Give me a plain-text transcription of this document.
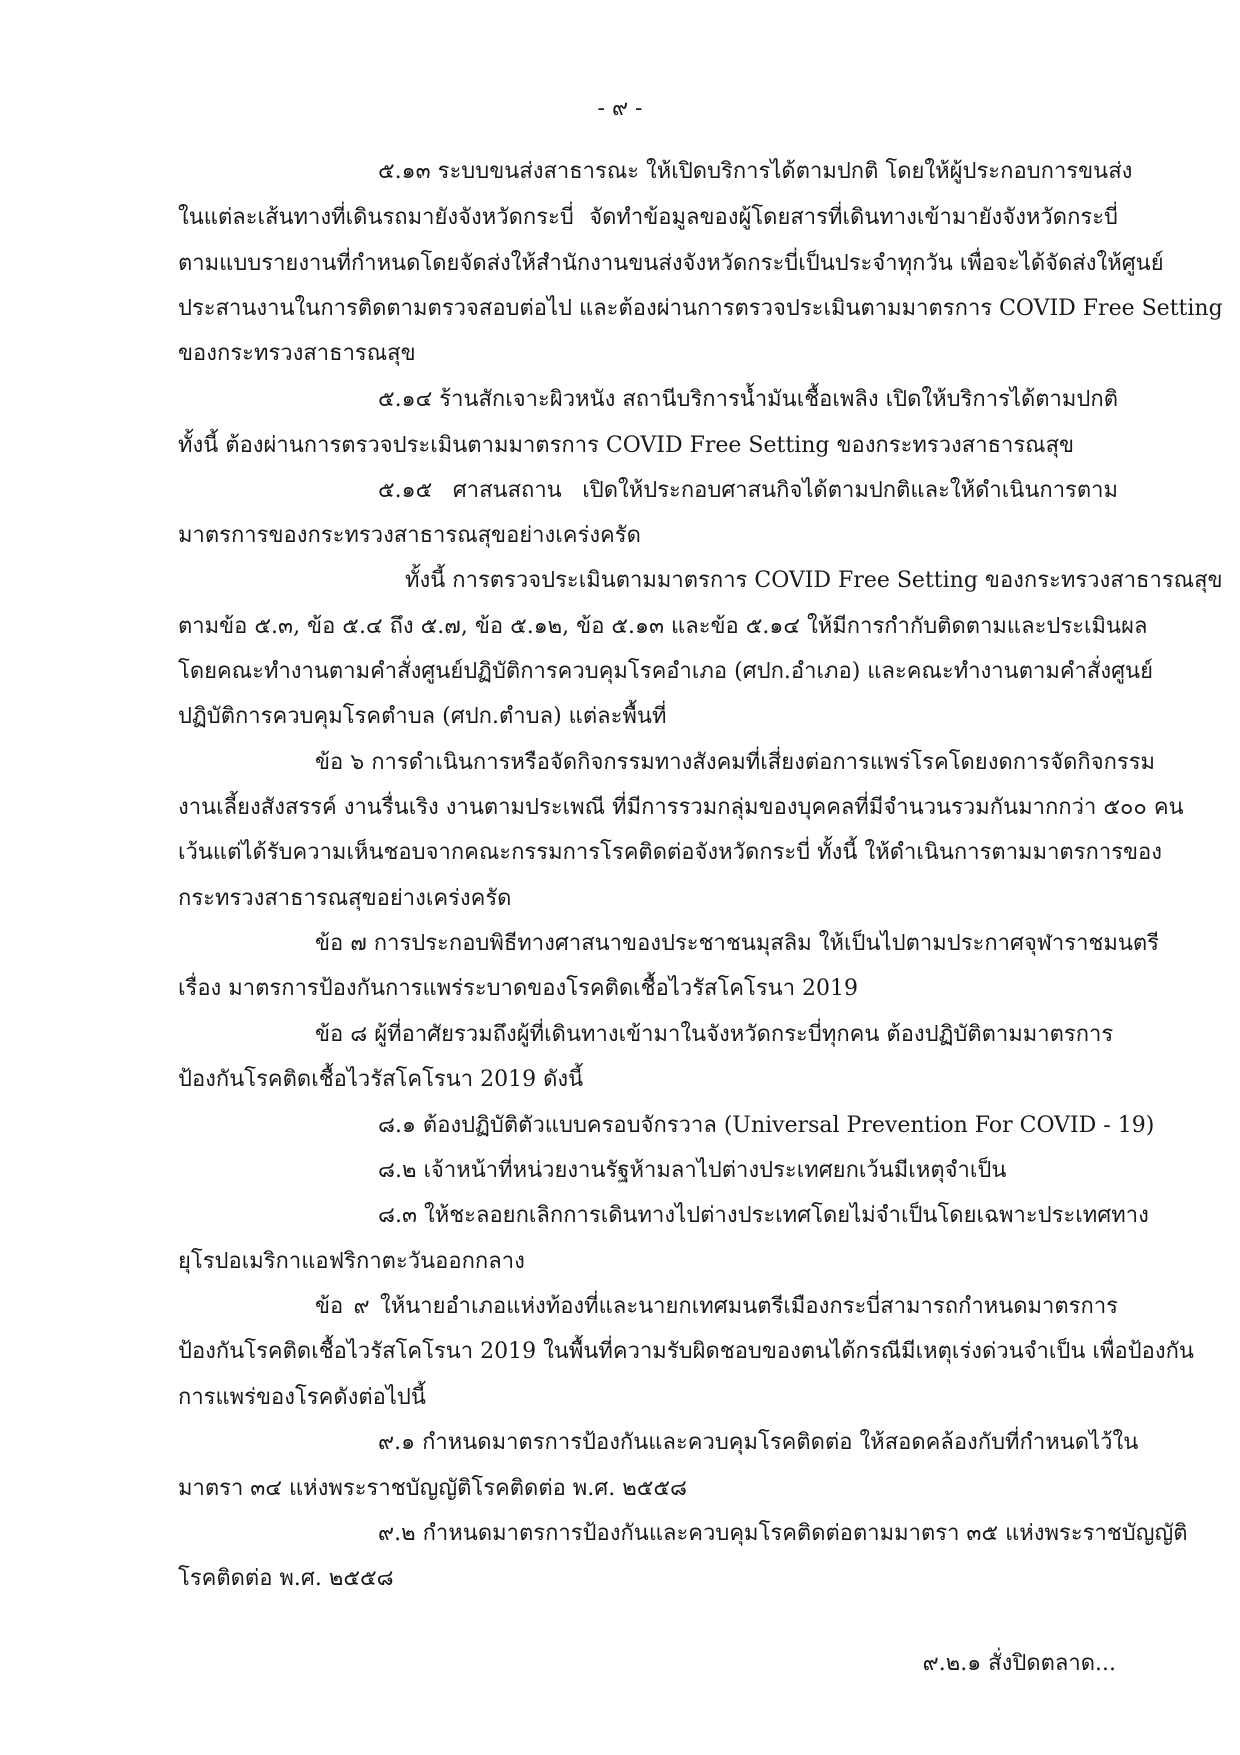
- ๙ -
๕.๑๓ ระบบขนส่งสาธารณะ ให้เปิดบริการได้ตามปกติ โดยให้ผู้ประกอบการขนส่ง
ในแต่ละเส้นทางที่เดินรถมายังจังหวัดกระบี่ จัดทำข้อมูลของผู้โดยสารที่เดินทางเข้ามายังจังหวัดกระบี่
ตามแบบรายงานที่กำหนดโดยจัดส่งให้สำนักงานขนส่งจังหวัดกระบี่เป็นประจำทุกวัน เพื่อจะได้จัดส่งให้ศูนย์
ประสานงานในการติดตามตรวจสอบต่อไป และต้องผ่านการตรวจประเมินตามมาตรการ COVID Free Setting
ของกระทรวงสาธารณสุข
๕.๑๔ ร้านสักเจาะผิวหนัง สถานีบริการน้ำมันเชื้อเพลิง เปิดให้บริการได้ตามปกติ
ทั้งนี้ ต้องผ่านการตรวจประเมินตามมาตรการ COVID Free Setting ของกระทรวงสาธารณสุข
๕.๑๕ ศาสนสถาน เปิดให้ประกอบศาสนกิจได้ตามปกติและให้ดำเนินการตาม
มาตรการของกระทรวงสาธารณสุขอย่างเคร่งครัด
ทั้งนี้ การตรวจประเมินตามมาตรการ COVID Free Setting ของกระทรวงสาธารณสุข
ตามข้อ ๕.๓, ข้อ ๕.๔ ถึง ๕.๗, ข้อ ๕.๑๒, ข้อ ๕.๑๓ และข้อ ๕.๑๔ ให้มีการกำกับติดตามและประเมินผล
โดยคณะทำงานตามคำสั่งศูนย์ปฏิบัติการควบคุมโรคอำเภอ (ศปก.อำเภอ) และคณะทำงานตามคำสั่งศูนย์
ปฏิบัติการควบคุมโรคตำบล (ศปก.ตำบล) แต่ละพื้นที่
ข้อ ๖ การดำเนินการหรือจัดกิจกรรมทางสังคมที่เสี่ยงต่อการแพร่โรคโดยงดการจัดกิจกรรม
งานเลี้ยงสังสรรค์ งานรื่นเริง งานตามประเพณี ที่มีการรวมกลุ่มของบุคคลที่มีจำนวนรวมกันมากกว่า ๕๐๐ คน
เว้นแต่ได้รับความเห็นชอบจากคณะกรรมการโรคติดต่อจังหวัดกระบี่ ทั้งนี้ ให้ดำเนินการตามมาตรการของ
กระทรวงสาธารณสุขอย่างเคร่งครัด
ข้อ ๗ การประกอบพิธีทางศาสนาของประชาชนมุสลิม ให้เป็นไปตามประกาศจุฬาราชมนตรี
เรื่อง มาตรการป้องกันการแพร่ระบาดของโรคติดเชื้อไวรัสโคโรนา 2019
ข้อ ๘ ผู้ที่อาศัยรวมถึงผู้ที่เดินทางเข้ามาในจังหวัดกระบี่ทุกคน ต้องปฏิบัติตามมาตรการ
ป้องกันโรคติดเชื้อไวรัสโคโรนา 2019 ดังนี้
๘.๑ ต้องปฏิบัติตัวแบบครอบจักรวาล (Universal Prevention For COVID - 19)
๘.๒ เจ้าหน้าที่หน่วยงานรัฐห้ามลาไปต่างประเทศยกเว้นมีเหตุจำเป็น
๘.๓ ให้ชะลอยกเลิกการเดินทางไปต่างประเทศโดยไม่จำเป็นโดยเฉพาะประเทศทาง
ยุโรปอเมริกาแอฟริกาตะวันออกกลาง
ข้อ ๙ ให้นายอำเภอแห่งท้องที่และนายกเทศมนตรีเมืองกระบี่สามารถกำหนดมาตรการ
ป้องกันโรคติดเชื้อไวรัสโคโรนา 2019 ในพื้นที่ความรับผิดชอบของตนได้กรณีมีเหตุเร่งด่วนจำเป็น เพื่อป้องกัน
การแพร่ของโรคดังต่อไปนี้
๙.๑ กำหนดมาตรการป้องกันและควบคุมโรคติดต่อ ให้สอดคล้องกับที่กำหนดไว้ใน
มาตรา ๓๔ แห่งพระราชบัญญัติโรคติดต่อ พ.ศ. ๒๕๕๘
๙.๒ กำหนดมาตรการป้องกันและควบคุมโรคติดต่อตามมาตรา ๓๕ แห่งพระราชบัญญัติ
โรคติดต่อ พ.ศ. ๒๕๕๘
๙.๒.๑ สั่งปิดตลาด...
